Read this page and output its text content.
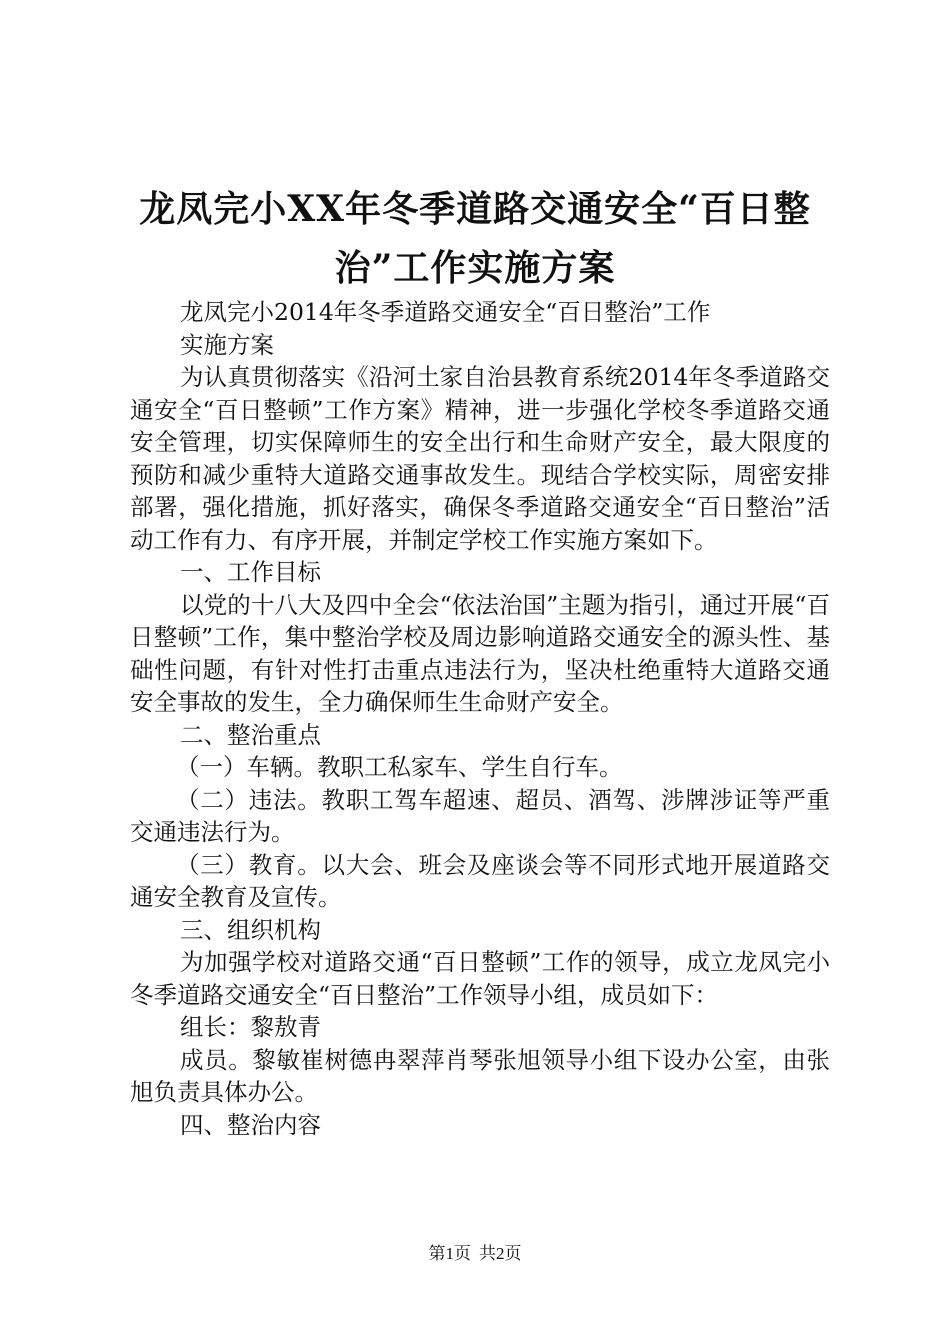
龙凤完小XX年冬季道路交通安全“百日整
治”工作实施方案

龙凤完小2014年冬季道路交通安全“百日整治”工作

实施方案

为认真贯彻落实《沿河土家自治县教育系统2014年冬季道路交通安全“百日整顿”工作方案》精神，进一步强化学校冬季道路交通安全管理，切实保障师生的安全出行和生命财产安全，最大限度的预防和减少重特大道路交通事故发生。现结合学校实际，周密安排部署，强化措施，抓好落实，确保冬季道路交通安全“百日整治”活动工作有力、有序开展，并制定学校工作实施方案如下。

一、工作目标

以党的十八大及四中全会“依法治国”主题为指引，通过开展“百日整顿”工作，集中整治学校及周边影响道路交通安全的源头性、基础性问题，有针对性打击重点违法行为，坚决杜绝重特大道路交通安全事故的发生，全力确保师生生命财产安全。

二、整治重点

（一）车辆。教职工私家车、学生自行车。

（二）违法。教职工驾车超速、超员、酒驾、涉牌涉证等严重交通违法行为。

（三）教育。以大会、班会及座谈会等不同形式地开展道路交通安全教育及宣传。

三、组织机构

为加强学校对道路交通“百日整顿”工作的领导，成立龙凤完小冬季道路交通安全“百日整治”工作领导小组，成员如下：

组长：黎敖青

成员。黎敏崔树德冉翠萍肖琴张旭领导小组下设办公室，由张旭负责具体办公。

四、整治内容

第1页 共2页
